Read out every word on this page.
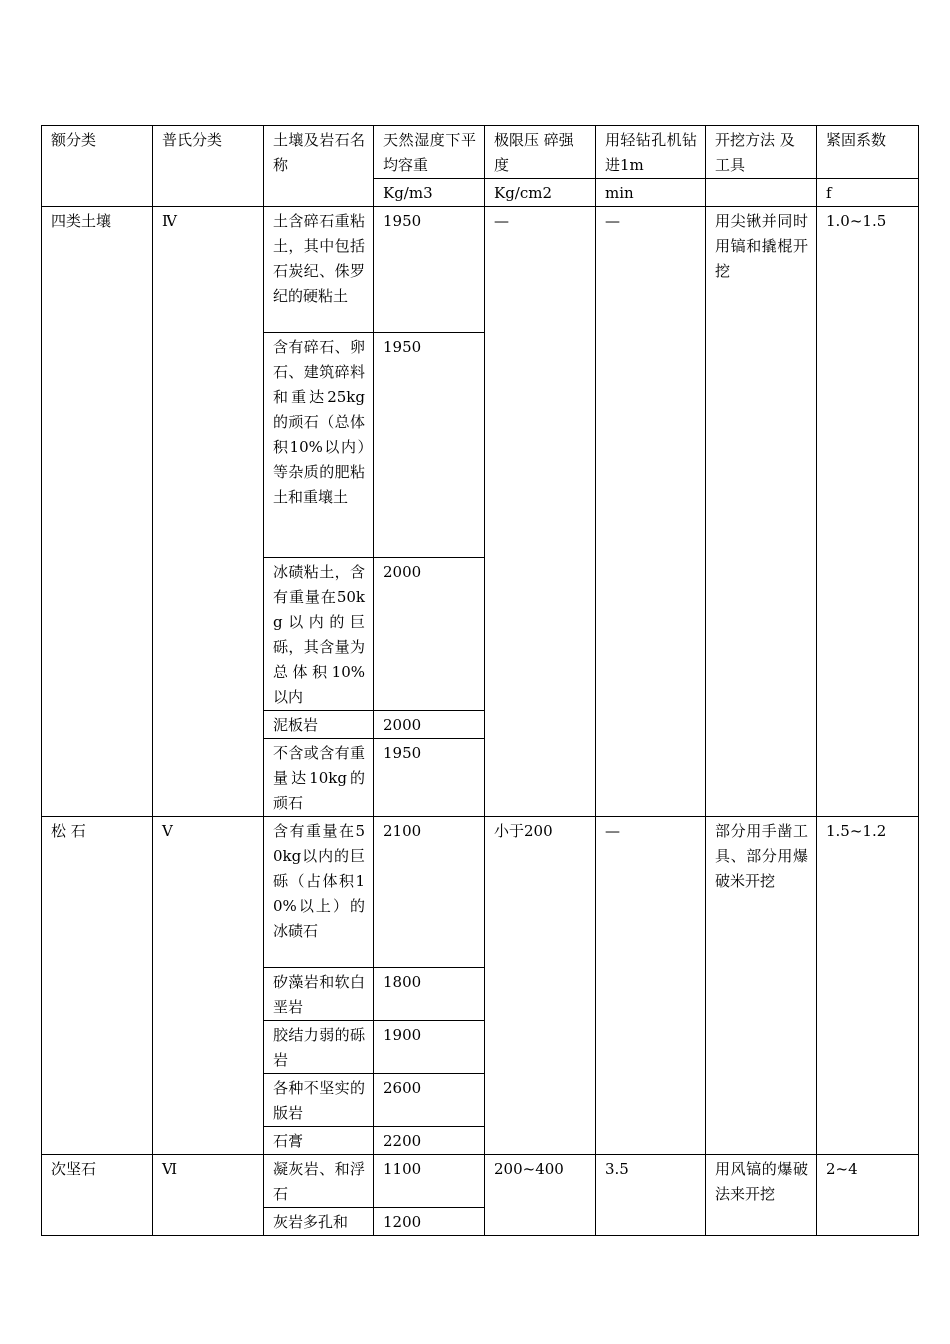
额分类	普氏分类	土壤及岩石名称	天然湿度下平均容重	极限压 碎强度	用轻钻孔机钻进1m	开挖方法 及工具	紧固系数
			Kg/m3	Kg/cm2	min		f
四类土壤	Ⅳ	土含碎石重粘土，其中包括石炭纪、侏罗纪的硬粘土	1950	—	—	用尖锹并同时用镐和撬棍开挖	1.0~1.5
		含有碎石、卵石、建筑碎料和重达25kg的顽石（总体积10%以内）等杂质的肥粘土和重壤土	1950				
		冰碛粘土，含有重量在50kg以内的巨砾，其含量为总体积10%以内	2000				
		泥板岩	2000				
		不含或含有重量达10kg的顽石	1950				
松 石	Ⅴ	含有重量在50kg以内的巨砾（占体积10%以上）的冰碛石	2100	小于200	—	部分用手凿工具、部分用爆破米开挖	1.5~1.2
		矽藻岩和软白垩岩	1800				
		胶结力弱的砾岩	1900				
		各种不坚实的版岩	2600				
		石膏	2200				
次坚石	Ⅵ	凝灰岩、和浮石	1100	200~400	3.5	用风镐的爆破法来开挖	2~4
		灰岩多孔和	1200				
